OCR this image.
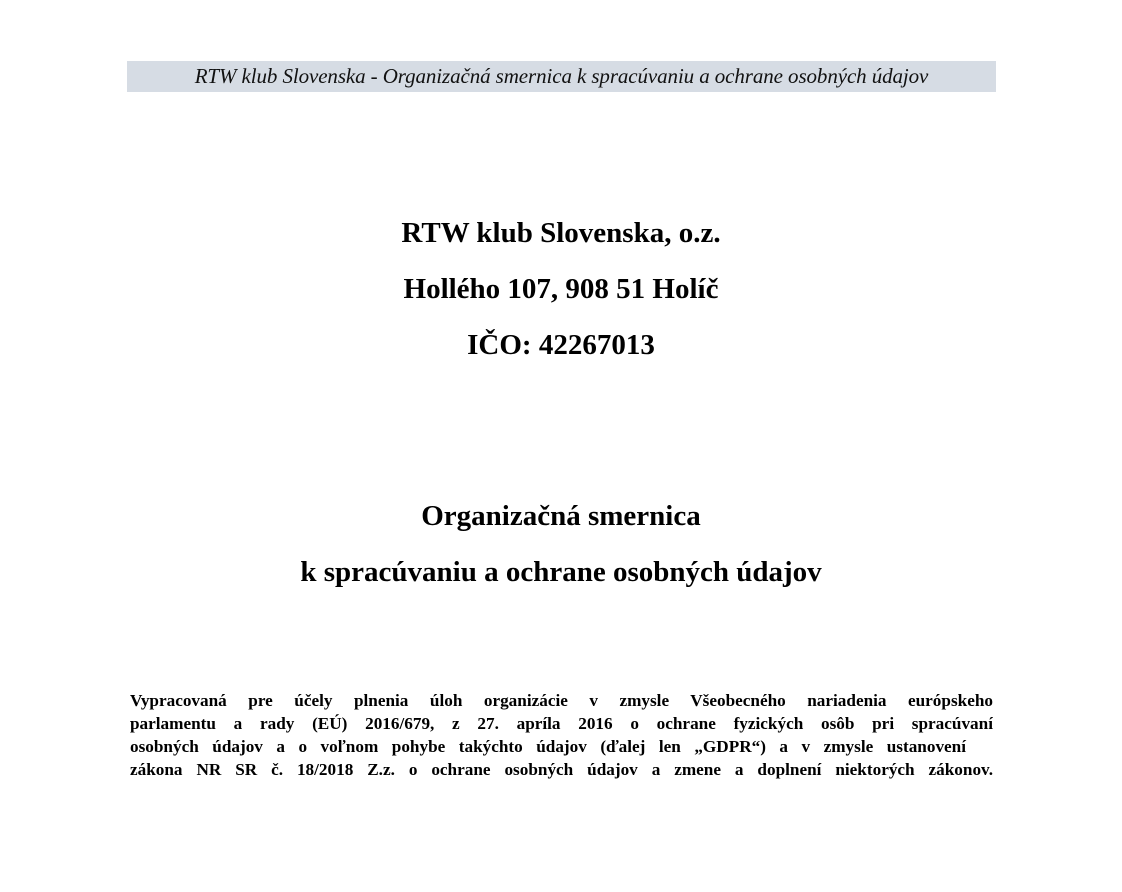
RTW klub Slovenska - Organizačná smernica k spracúvaniu a ochrane osobných údajov
RTW klub Slovenska, o.z.
Hollého 107, 908 51 Holíč
IČO: 42267013
Organizačná smernica
k spracúvaniu a ochrane osobných údajov
Vypracovaná pre účely plnenia úloh organizácie v zmysle Všeobecného nariadenia európskeho
parlamentu a rady (EÚ) 2016/679, z 27. apríla 2016 o ochrane fyzických osôb pri spracúvaní
osobných údajov a o voľnom pohybe takýchto údajov (ďalej len „GDPR“) a v zmysle ustanovení
zákona NR SR č. 18/2018 Z.z. o ochrane osobných údajov a zmene a doplnení niektorých zákonov.
